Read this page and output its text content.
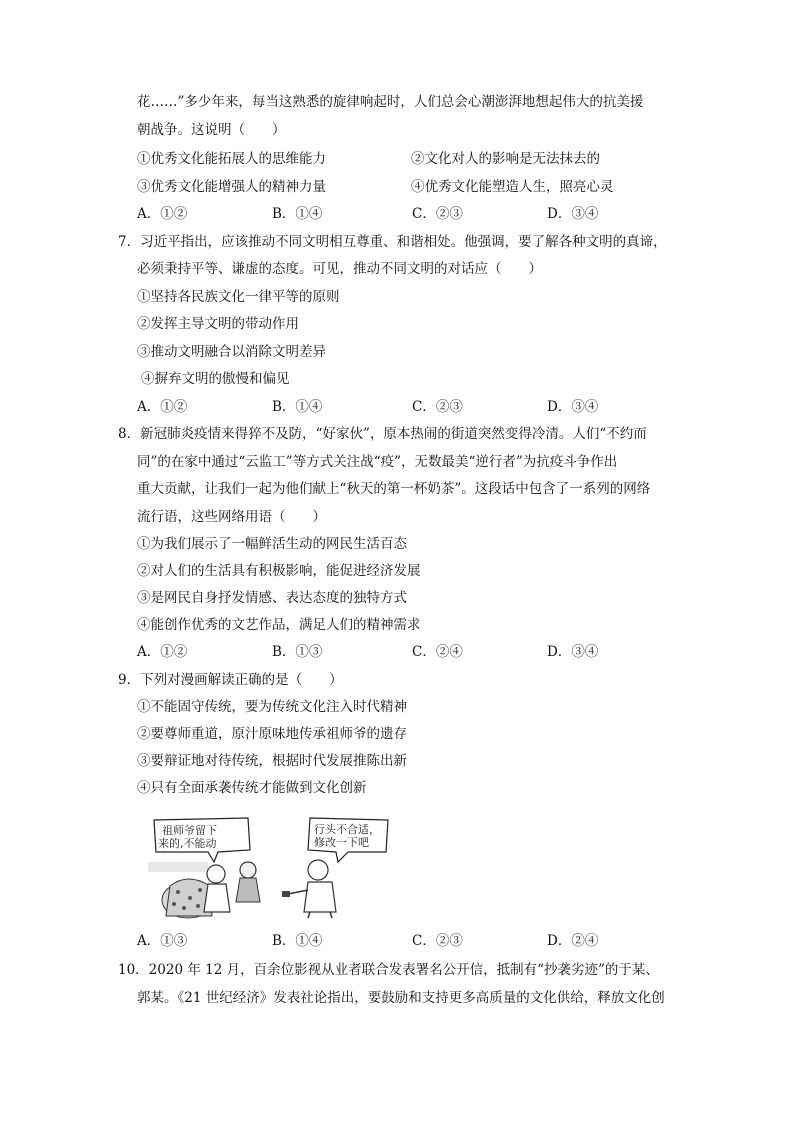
花……”多少年来，每当这熟悉的旋律响起时，人们总会心潮澎湃地想起伟大的抗美援
朝战争。这说明（　　）
①优秀文化能拓展人的思维能力	②文化对人的影响是无法抹去的
③优秀文化能增强人的精神力量	④优秀文化能塑造人生，照亮心灵
A．①②	B．①④	C．②③	D．③④
7．习近平指出，应该推动不同文明相互尊重、和谐相处。他强调，要了解各种文明的真谛，
必须秉持平等、谦虚的态度。可见，推动不同文明的对话应（　　）
①坚持各民族文化一律平等的原则
②发挥主导文明的带动作用
③推动文明融合以消除文明差异
④摒弃文明的傲慢和偏见
A．①②	B．①④	C．②③	D．③④
8．新冠肺炎疫情来得猝不及防，“好家伙”，原本热闹的街道突然变得冷清。人们“不约而
同”的在家中通过“云监工”等方式关注战“疫”，无数最美“逆行者”为抗疫斗争作出
重大贡献，让我们一起为他们献上“秋天的第一杯奶茶”。这段话中包含了一系列的网络
流行语，这些网络用语（　　）
①为我们展示了一幅鲜活生动的网民生活百态
②对人们的生活具有积极影响，能促进经济发展
③是网民自身抒发情感、表达态度的独特方式
④能创作优秀的文艺作品，满足人们的精神需求
A．①②	B．①③	C．②④	D．③④
9．下列对漫画解读正确的是（　　）
①不能固守传统，要为传统文化注入时代精神
②要尊师重道，原汁原味地传承祖师爷的遗存
③要辩证地对待传统，根据时代发展推陈出新
④只有全面承袭传统才能做到文化创新
祖师爷留下
来的,不能动
行头不合适，
修改一下吧
A．①③	B．①④	C．②③	D．②④
10．2020 年 12 月，百余位影视从业者联合发表署名公开信，抵制有“抄袭劣迹”的于某、
郭某。《21 世纪经济》发表社论指出，要鼓励和支持更多高质量的文化供给，释放文化创
